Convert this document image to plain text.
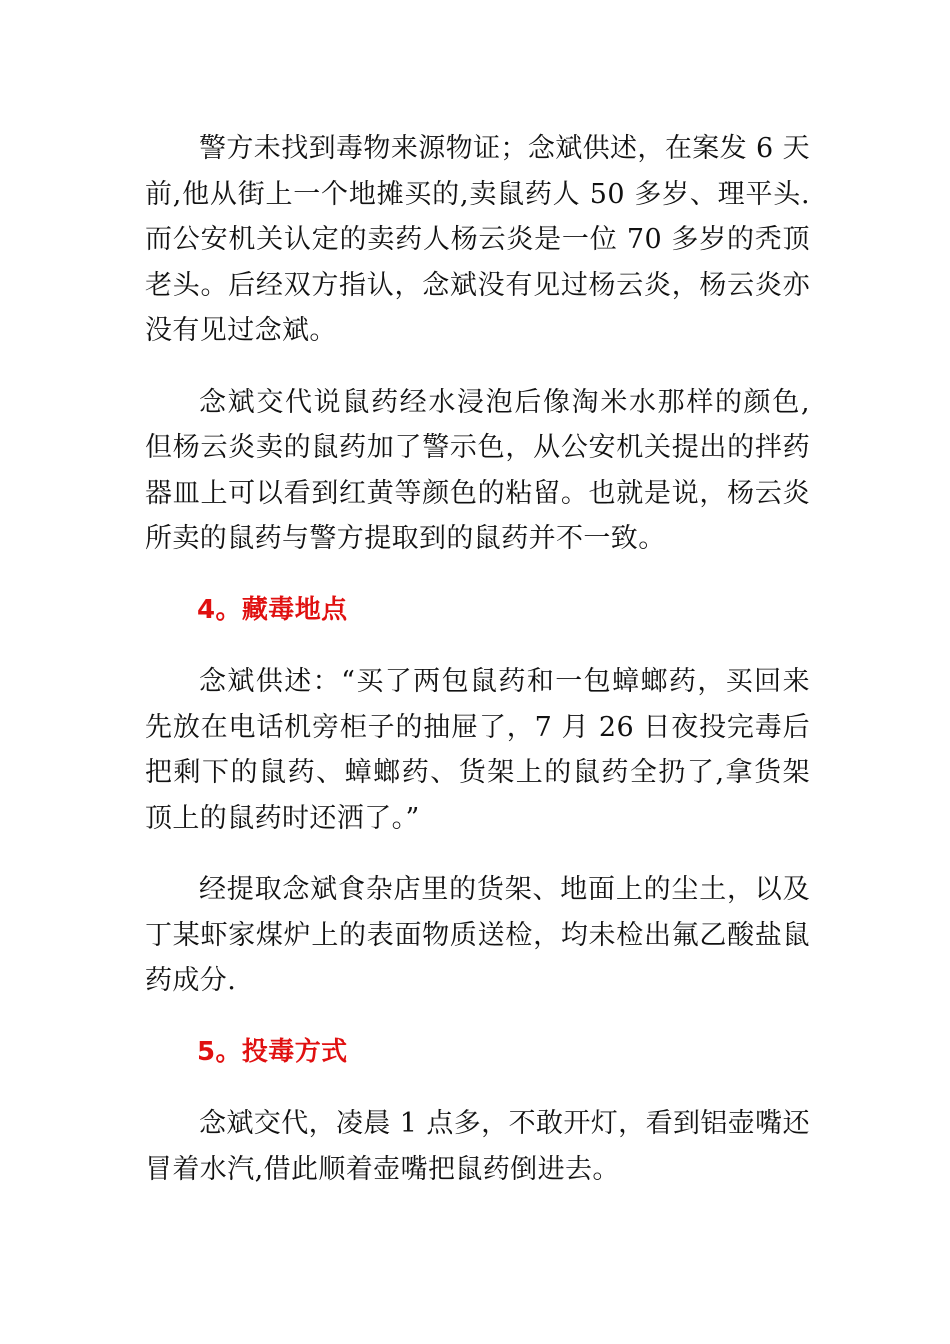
警方未找到毒物来源物证；念斌供述，在案发 6 天前,他从街上一个地摊买的,卖鼠药人 50 多岁、理平头.而公安机关认定的卖药人杨云炎是一位 70 多岁的秃顶老头。后经双方指认，念斌没有见过杨云炎，杨云炎亦没有见过念斌。

念斌交代说鼠药经水浸泡后像淘米水那样的颜色,但杨云炎卖的鼠药加了警示色，从公安机关提出的拌药器皿上可以看到红黄等颜色的粘留。也就是说，杨云炎所卖的鼠药与警方提取到的鼠药并不一致。

4。藏毒地点

念斌供述：“买了两包鼠药和一包蟑螂药，买回来先放在电话机旁柜子的抽屉了，7 月 26 日夜投完毒后把剩下的鼠药、蟑螂药、货架上的鼠药全扔了,拿货架顶上的鼠药时还洒了。”

经提取念斌食杂店里的货架、地面上的尘土，以及丁某虾家煤炉上的表面物质送检，均未检出氟乙酸盐鼠药成分.

5。投毒方式

念斌交代，凌晨 1 点多，不敢开灯，看到铝壶嘴还冒着水汽,借此顺着壶嘴把鼠药倒进去。
